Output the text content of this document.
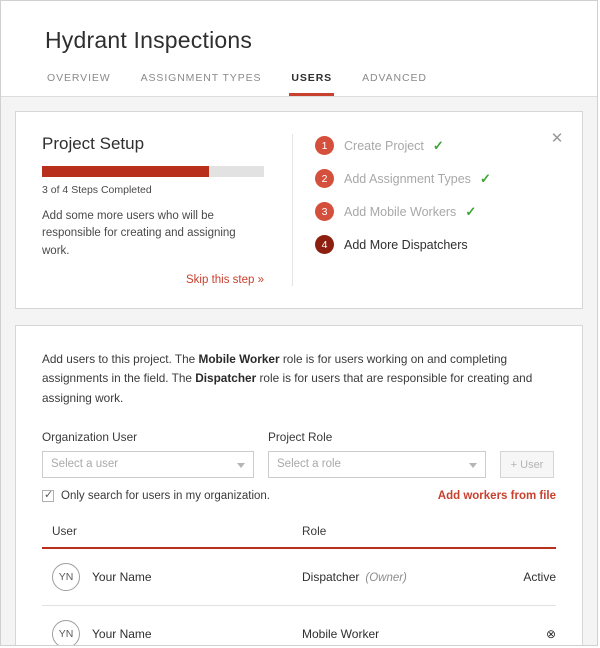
Hydrant Inspections
OVERVIEW	ASSIGNMENT TYPES	USERS	ADVANCED
Project Setup
3 of 4 Steps Completed

Add some more users who will be responsible for creating and assigning work.

Skip this step »
1	Create Project ✓
2	Add Assignment Types ✓
3	Add Mobile Workers ✓
4	Add More Dispatchers
✕

Add users to this project. The Mobile Worker role is for users working on and completing assignments in the field. The Dispatcher role is for users that are responsible for creating and assigning work.

Organization User
Select a user
Project Role
Select a role	+ User
✓
Only search for users in my organization.	Add workers from file
User	Role	

YN Your Name	Dispatcher (Owner)	Active

YN Your Name	Mobile Worker	⊗
